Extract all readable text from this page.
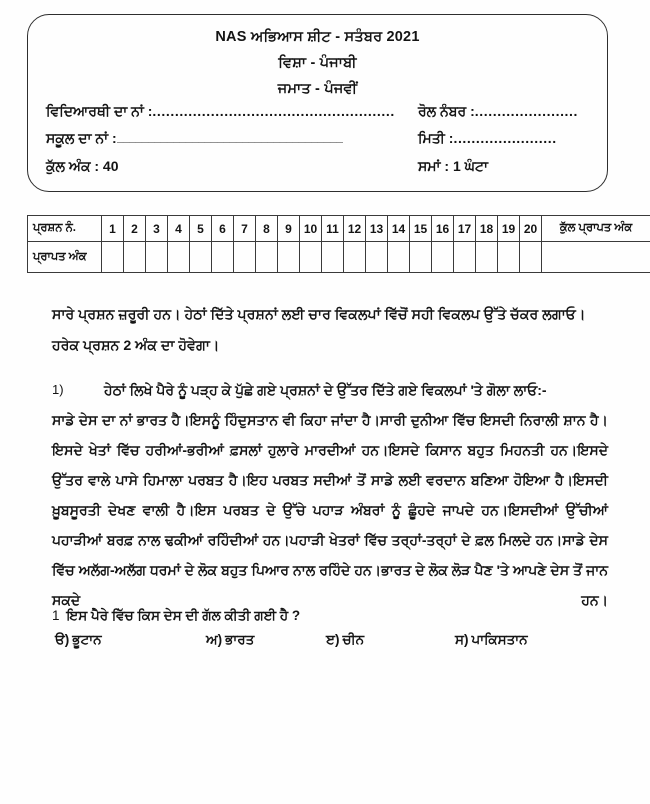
NAS ਅਭਿਆਸ ਸ਼ੀਟ - ਸਤੰਬਰ 2021
ਵਿਸ਼ਾ - ਪੰਜਾਬੀ
ਜਮਾਤ - ਪੰਜਵੀਂ
ਵਿਦਿਆਰਥੀ ਦਾ ਨਾਂ : ......................................................
ਸਕੂਲ ਦਾ ਨਾਂ : ____________________________________
ਕੁੱਲ ਅੰਕ : 40
ਰੋਲ ਨੰਬਰ : .......................
ਮਿਤੀ : .......................
ਸਮਾਂ : 1 ਘੰਟਾ
ਪ੍ਰਸ਼ਨ ਨੰ.	1	2	3	4	5	6	7	8	9	10	11	12	13	14	15	16	17	18	19	20	ਕੁੱਲ ਪ੍ਰਾਪਤ ਅੰਕ
ਪ੍ਰਾਪਤ ਅੰਕ																					
ਸਾਰੇ ਪ੍ਰਸ਼ਨ ਜ਼ਰੂਰੀ ਹਨ। ਹੇਠਾਂ ਦਿੱਤੇ ਪ੍ਰਸ਼ਨਾਂ ਲਈ ਚਾਰ ਵਿਕਲਪਾਂ ਵਿੱਚੋਂ ਸਹੀ ਵਿਕਲਪ ਉੱਤੇ ਚੱਕਰ ਲਗਾਓ। ਹਰੇਕ ਪ੍ਰਸ਼ਨ 2 ਅੰਕ ਦਾ ਹੋਵੇਗਾ।
1)	ਹੇਠਾਂ ਲਿਖੇ ਪੈਰੇ ਨੂੰ ਪੜ੍ਹ ਕੇ ਪੁੱਛੇ ਗਏ ਪ੍ਰਸ਼ਨਾਂ ਦੇ ਉੱਤਰ ਦਿੱਤੇ ਗਏ ਵਿਕਲਪਾਂ 'ਤੇ ਗੋਲਾ ਲਾਓ:-
ਸਾਡੇ ਦੇਸ ਦਾ ਨਾਂ ਭਾਰਤ ਹੈ।ਇਸਨੂੰ ਹਿੰਦੁਸਤਾਨ ਵੀ ਕਿਹਾ ਜਾਂਦਾ ਹੈ।ਸਾਰੀ ਦੁਨੀਆ ਵਿੱਚ ਇਸਦੀ ਨਿਰਾਲੀ ਸ਼ਾਨ ਹੈ।ਇਸਦੇ ਖੇਤਾਂ ਵਿੱਚ ਹਰੀਆਂ-ਭਰੀਆਂ ਫ਼ਸਲਾਂ ਹੁਲਾਰੇ ਮਾਰਦੀਆਂ ਹਨ।ਇਸਦੇ ਕਿਸਾਨ ਬਹੁਤ ਮਿਹਨਤੀ ਹਨ।ਇਸਦੇ ਉੱਤਰ ਵਾਲੇ ਪਾਸੇ ਹਿਮਾਲਾ ਪਰਬਤ ਹੈ।ਇਹ ਪਰਬਤ ਸਦੀਆਂ ਤੋਂ ਸਾਡੇ ਲਈ ਵਰਦਾਨ ਬਣਿਆ ਹੋਇਆ ਹੈ।ਇਸਦੀ ਖ਼ੂਬਸੂਰਤੀ ਦੇਖਣ ਵਾਲੀ ਹੈ।ਇਸ ਪਰਬਤ ਦੇ ਉੱਚੇ ਪਹਾੜ ਅੰਬਰਾਂ ਨੂੰ ਛੂੰਹਦੇ ਜਾਪਦੇ ਹਨ।ਇਸਦੀਆਂ ਉੱਚੀਆਂ ਪਹਾੜੀਆਂ ਬਰਫ਼ ਨਾਲ ਢਕੀਆਂ ਰਹਿੰਦੀਆਂ ਹਨ।ਪਹਾੜੀ ਖੇਤਰਾਂ ਵਿੱਚ ਤਰ੍ਹਾਂ-ਤਰ੍ਹਾਂ ਦੇ ਫ਼ਲ ਮਿਲਦੇ ਹਨ।ਸਾਡੇ ਦੇਸ ਵਿੱਚ ਅਲੱਗ-ਅਲੱਗ ਧਰਮਾਂ ਦੇ ਲੋਕ ਬਹੁਤ ਪਿਆਰ ਨਾਲ ਰਹਿੰਦੇ ਹਨ।ਭਾਰਤ ਦੇ ਲੋਕ ਲੋੜ ਪੈਣ 'ਤੇ ਆਪਣੇ ਦੇਸ ਤੋਂ ਜਾਨ ਸਕਦੇ ਹਨ।
1 ਇਸ ਪੈਰੇ ਵਿੱਚ ਕਿਸ ਦੇਸ ਦੀ ਗੱਲ ਕੀਤੀ ਗਈ ਹੈ ?
ੳ) ਭੂਟਾਨ	ਅ) ਭਾਰਤ	ੲ) ਚੀਨ	ਸ) ਪਾਕਿਸਤਾਨ
